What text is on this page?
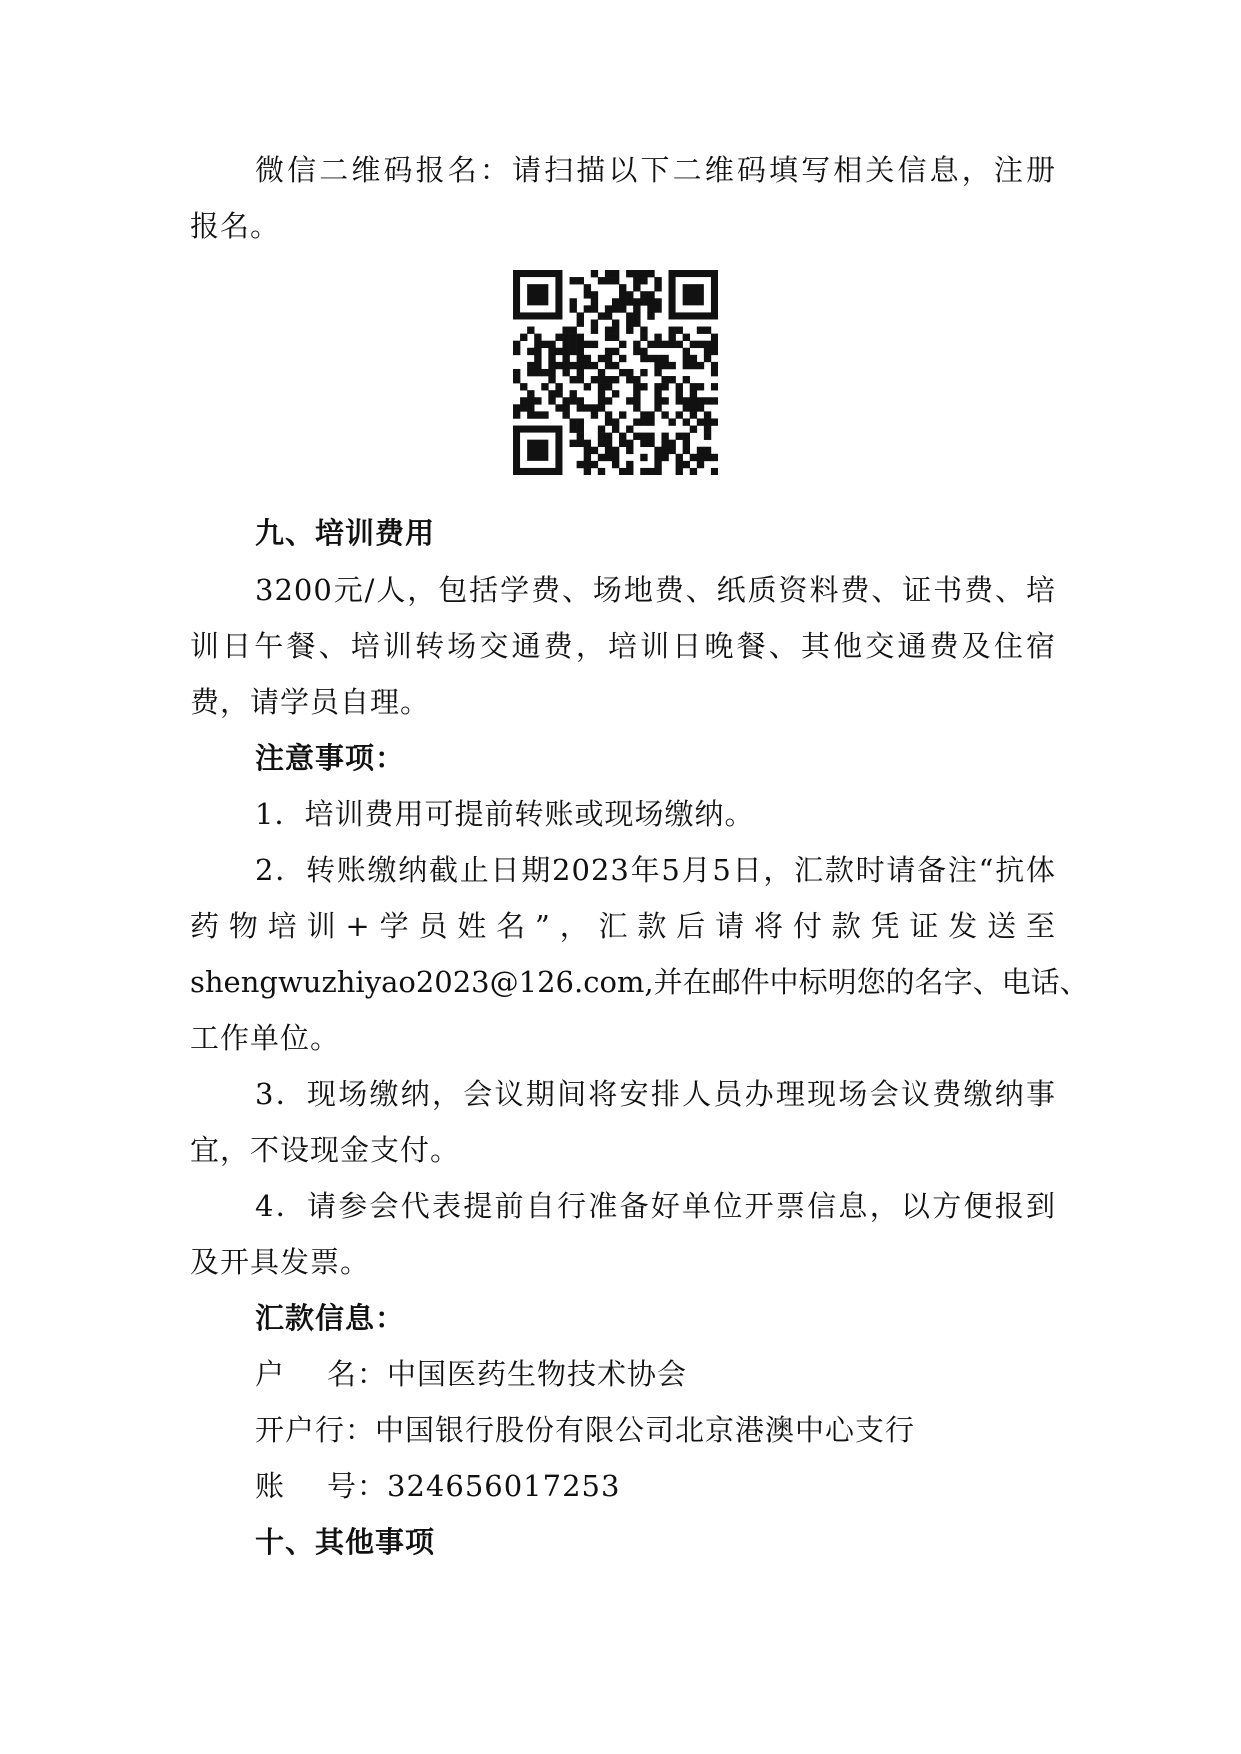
微信二维码报名：请扫描以下二维码填写相关信息，注册
报名。
九、培训费用
3200元/人，包括学费、场地费、纸质资料费、证书费、培
训日午餐、培训转场交通费，培训日晚餐、其他交通费及住宿
费，请学员自理。
注意事项：
1．培训费用可提前转账或现场缴纳。
2．转账缴纳截止日期2023年5月5日，汇款时请备注“抗体
药物培训+学员姓名”，汇款后请将付款凭证发送至
shengwuzhiyao2023@126.com,并在邮件中标明您的名字、电话、
工作单位。
3．现场缴纳，会议期间将安排人员办理现场会议费缴纳事
宜，不设现金支付。
4．请参会代表提前自行准备好单位开票信息，以方便报到
及开具发票。
汇款信息：
户 名：中国医药生物技术协会
开户行：中国银行股份有限公司北京港澳中心支行
账 号：324656017253
十、其他事项
